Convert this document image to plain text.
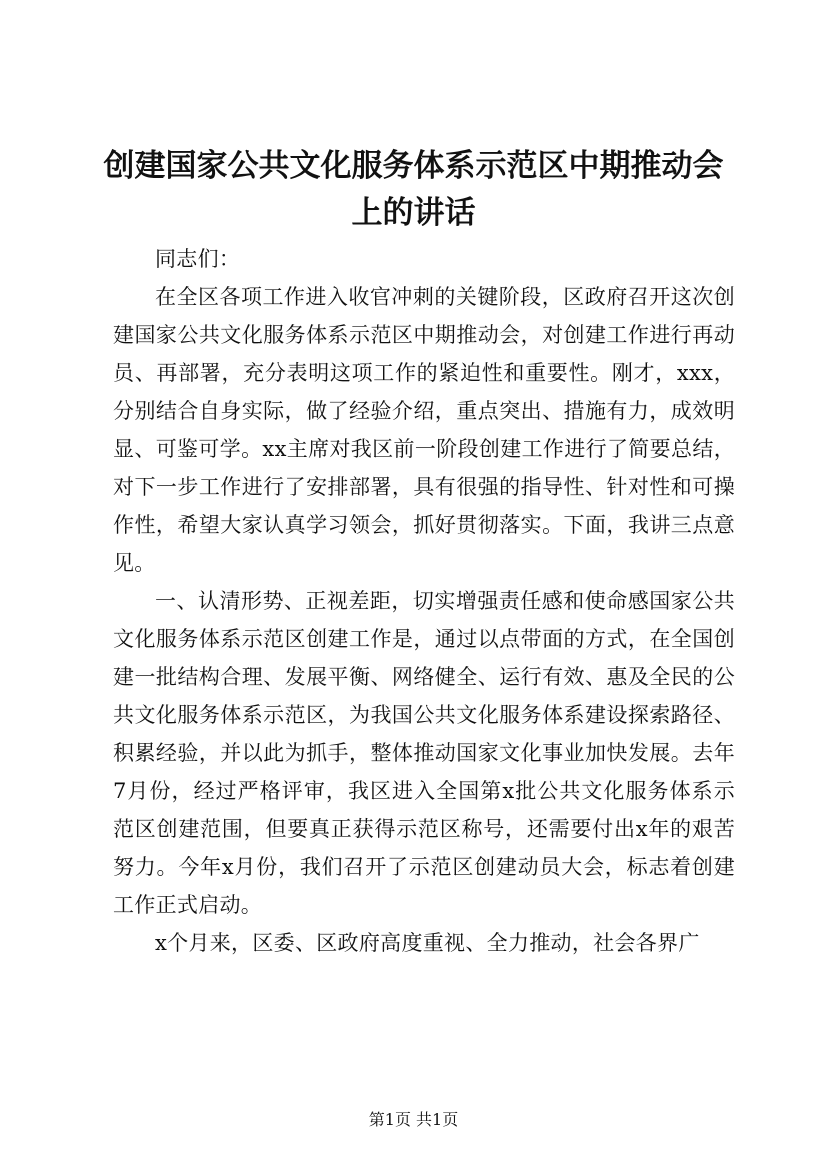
创建国家公共文化服务体系示范区中期推动会上的讲话

同志们：

在全区各项工作进入收官冲刺的关键阶段，区政府召开这次创建国家公共文化服务体系示范区中期推动会，对创建工作进行再动员、再部署，充分表明这项工作的紧迫性和重要性。刚才，xxx，分别结合自身实际，做了经验介绍，重点突出、措施有力，成效明显、可鉴可学。xx主席对我区前一阶段创建工作进行了简要总结，对下一步工作进行了安排部署，具有很强的指导性、针对性和可操作性，希望大家认真学习领会，抓好贯彻落实。下面，我讲三点意见。

一、认清形势、正视差距，切实增强责任感和使命感国家公共文化服务体系示范区创建工作是，通过以点带面的方式，在全国创建一批结构合理、发展平衡、网络健全、运行有效、惠及全民的公共文化服务体系示范区，为我国公共文化服务体系建设探索路径、积累经验，并以此为抓手，整体推动国家文化事业加快发展。去年7月份，经过严格评审，我区进入全国第x批公共文化服务体系示范区创建范围，但要真正获得示范区称号，还需要付出x年的艰苦努力。今年x月份，我们召开了示范区创建动员大会，标志着创建工作正式启动。

x个月来，区委、区政府高度重视、全力推动，社会各界广

第1页 共1页
